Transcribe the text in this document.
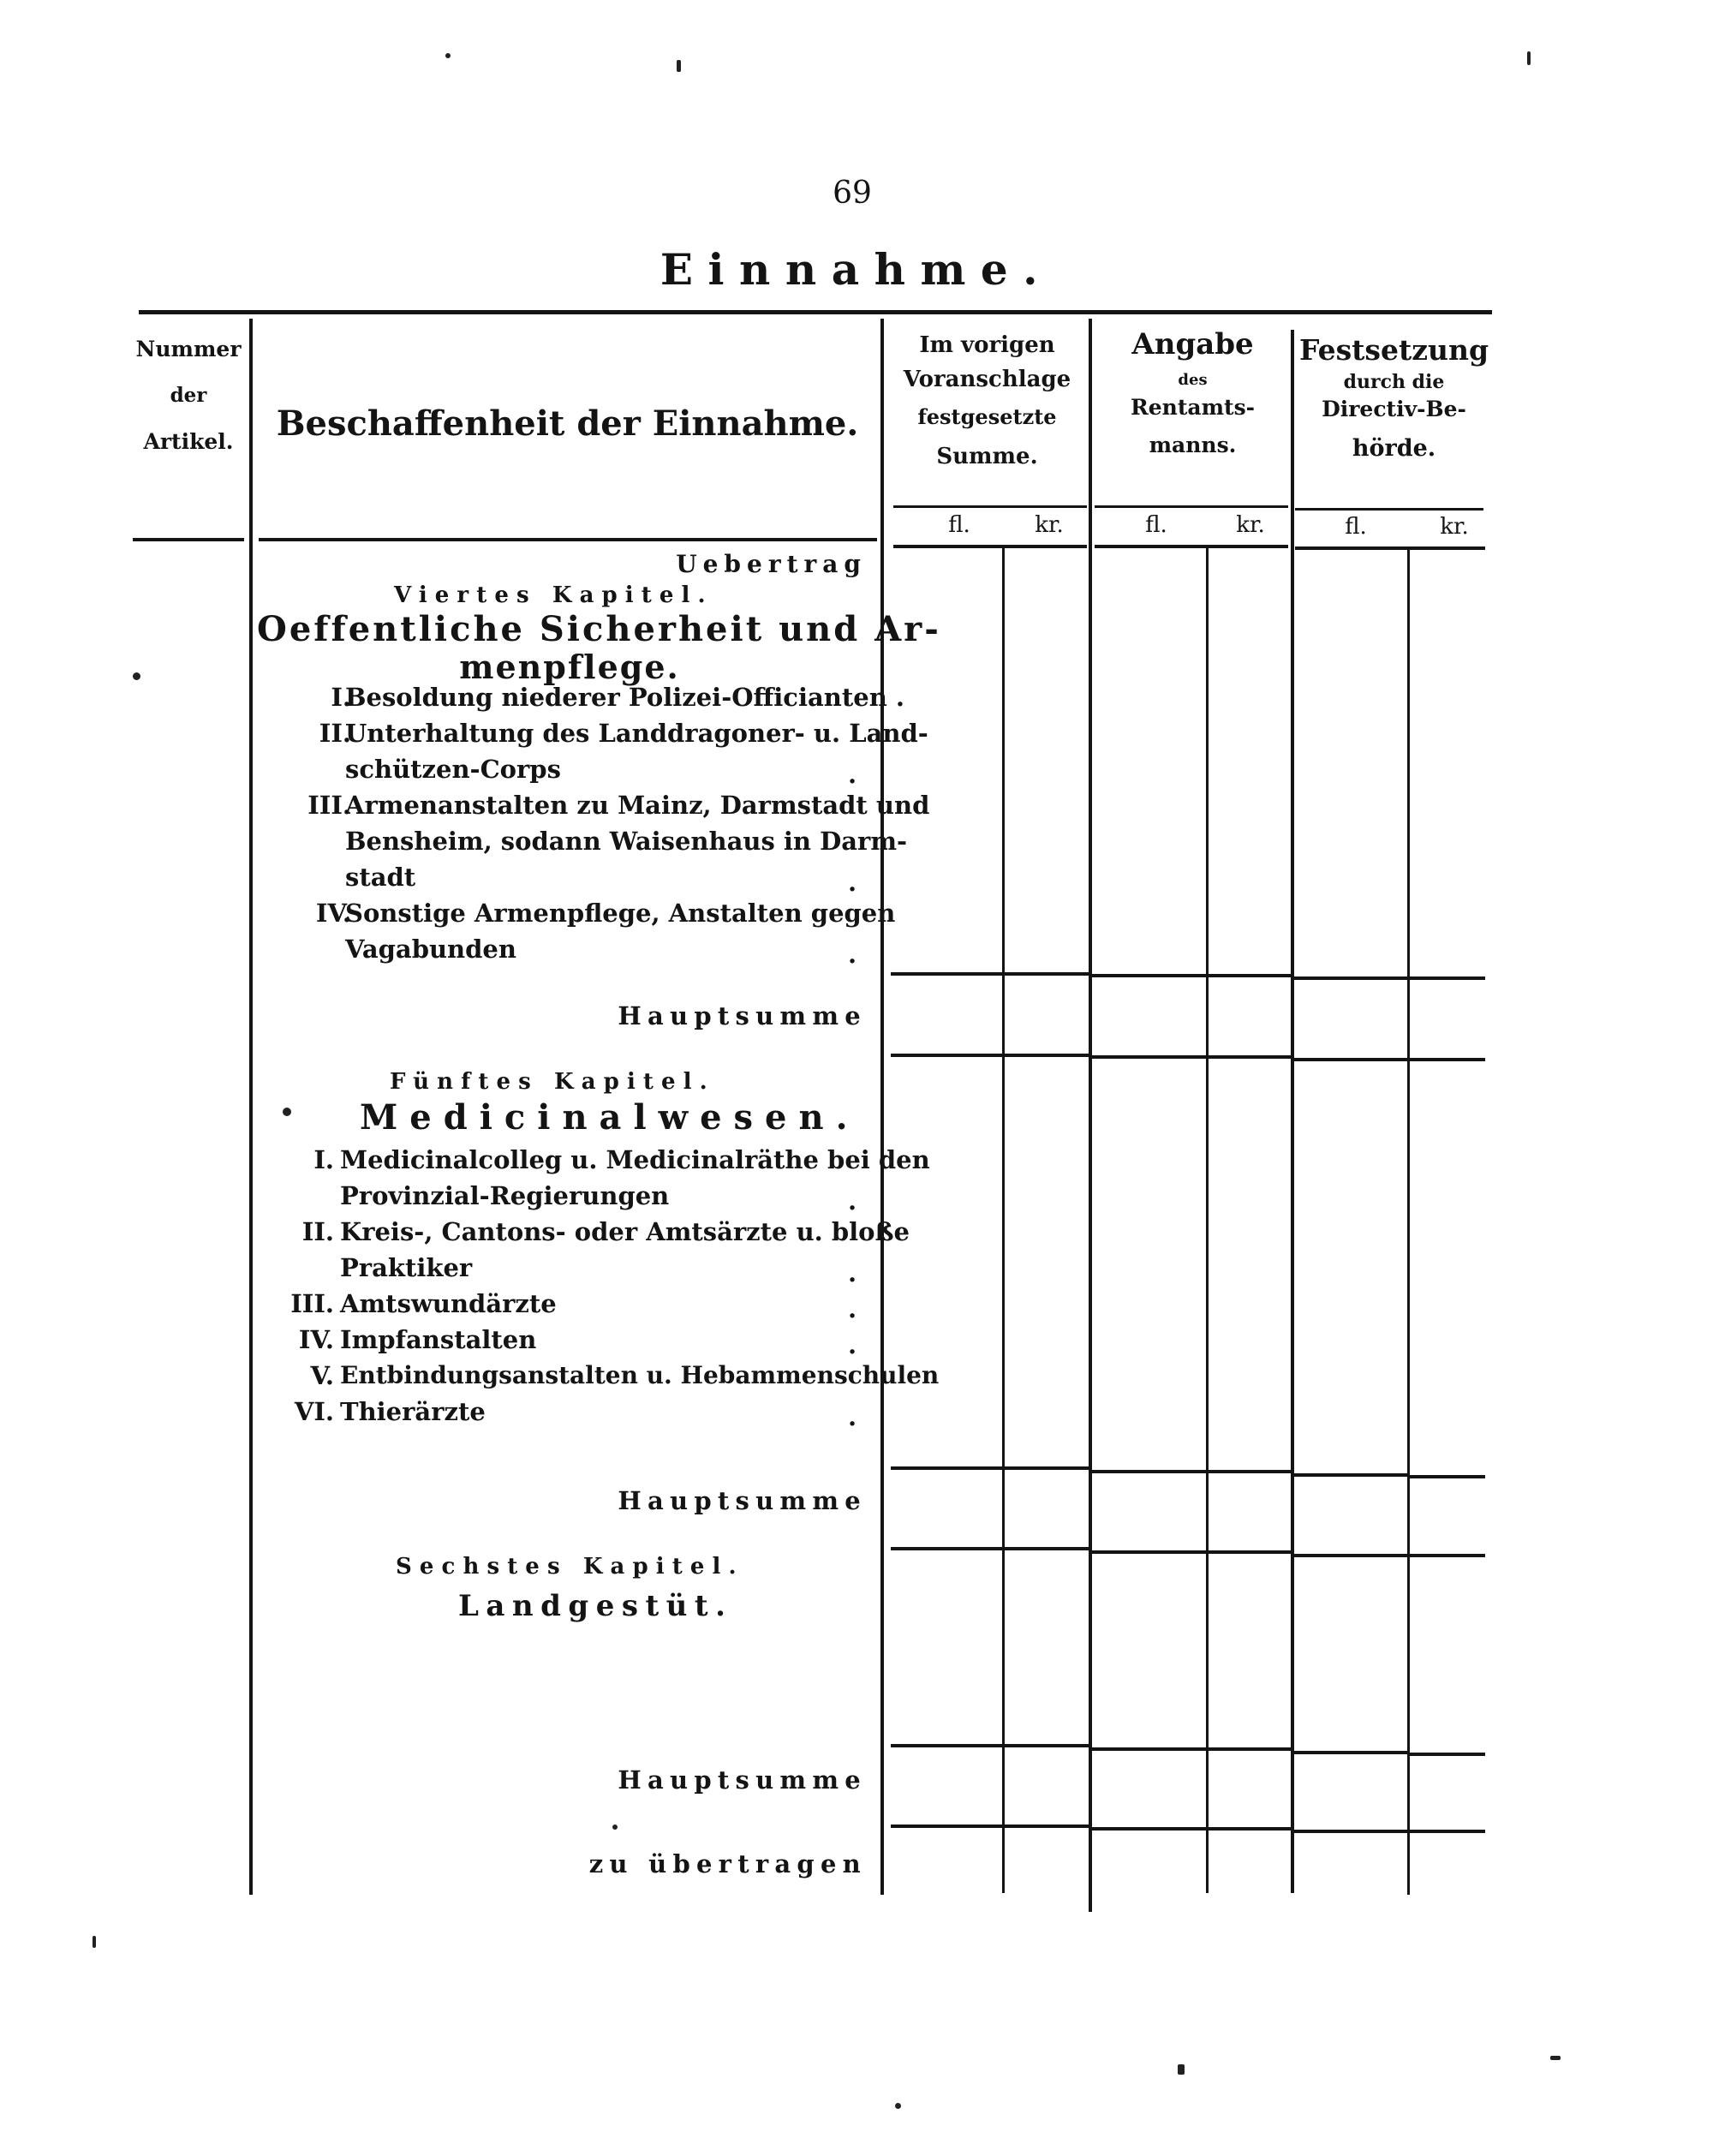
69
Einnahme.
Nummer
der
Artikel.	Beschaffenheit der Einnahme.
Im vorigen
Voranschlage
festgesetzte
Summe.
Angabe
des
Rentamts-
manns.
Festsetzung
durch die
Directiv-Be-
hörde.
fl.	kr.	fl.	kr.	fl.	kr.
Uebertrag
Viertes Kapitel.
Oeffentliche Sicherheit und Ar-
menpflege.
I.
Besoldung niederer Polizei-Officianten .
II.
Unterhaltung des Landdragoner- u. Land-
schützen-Corps	.
III.
Armenanstalten zu Mainz, Darmstadt und
Bensheim, sodann Waisenhaus in Darm-
stadt	.
IV.
Sonstige Armenpflege, Anstalten gegen
Vagabunden	.
Hauptsumme
Fünftes Kapitel.
Medicinalwesen.
I. Medicinalcolleg u. Medicinalräthe bei den
Provinzial-Regierungen	.
II. Kreis-, Cantons- oder Amtsärzte u. bloße
Praktiker	.
III. Amtswundärzte	.
IV. Impfanstalten	.
V. Entbindungsanstalten u. Hebammenschulen
VI. Thierärzte	.
Hauptsumme
Sechstes Kapitel.
Landgestüt.
Hauptsumme
zu übertragen
